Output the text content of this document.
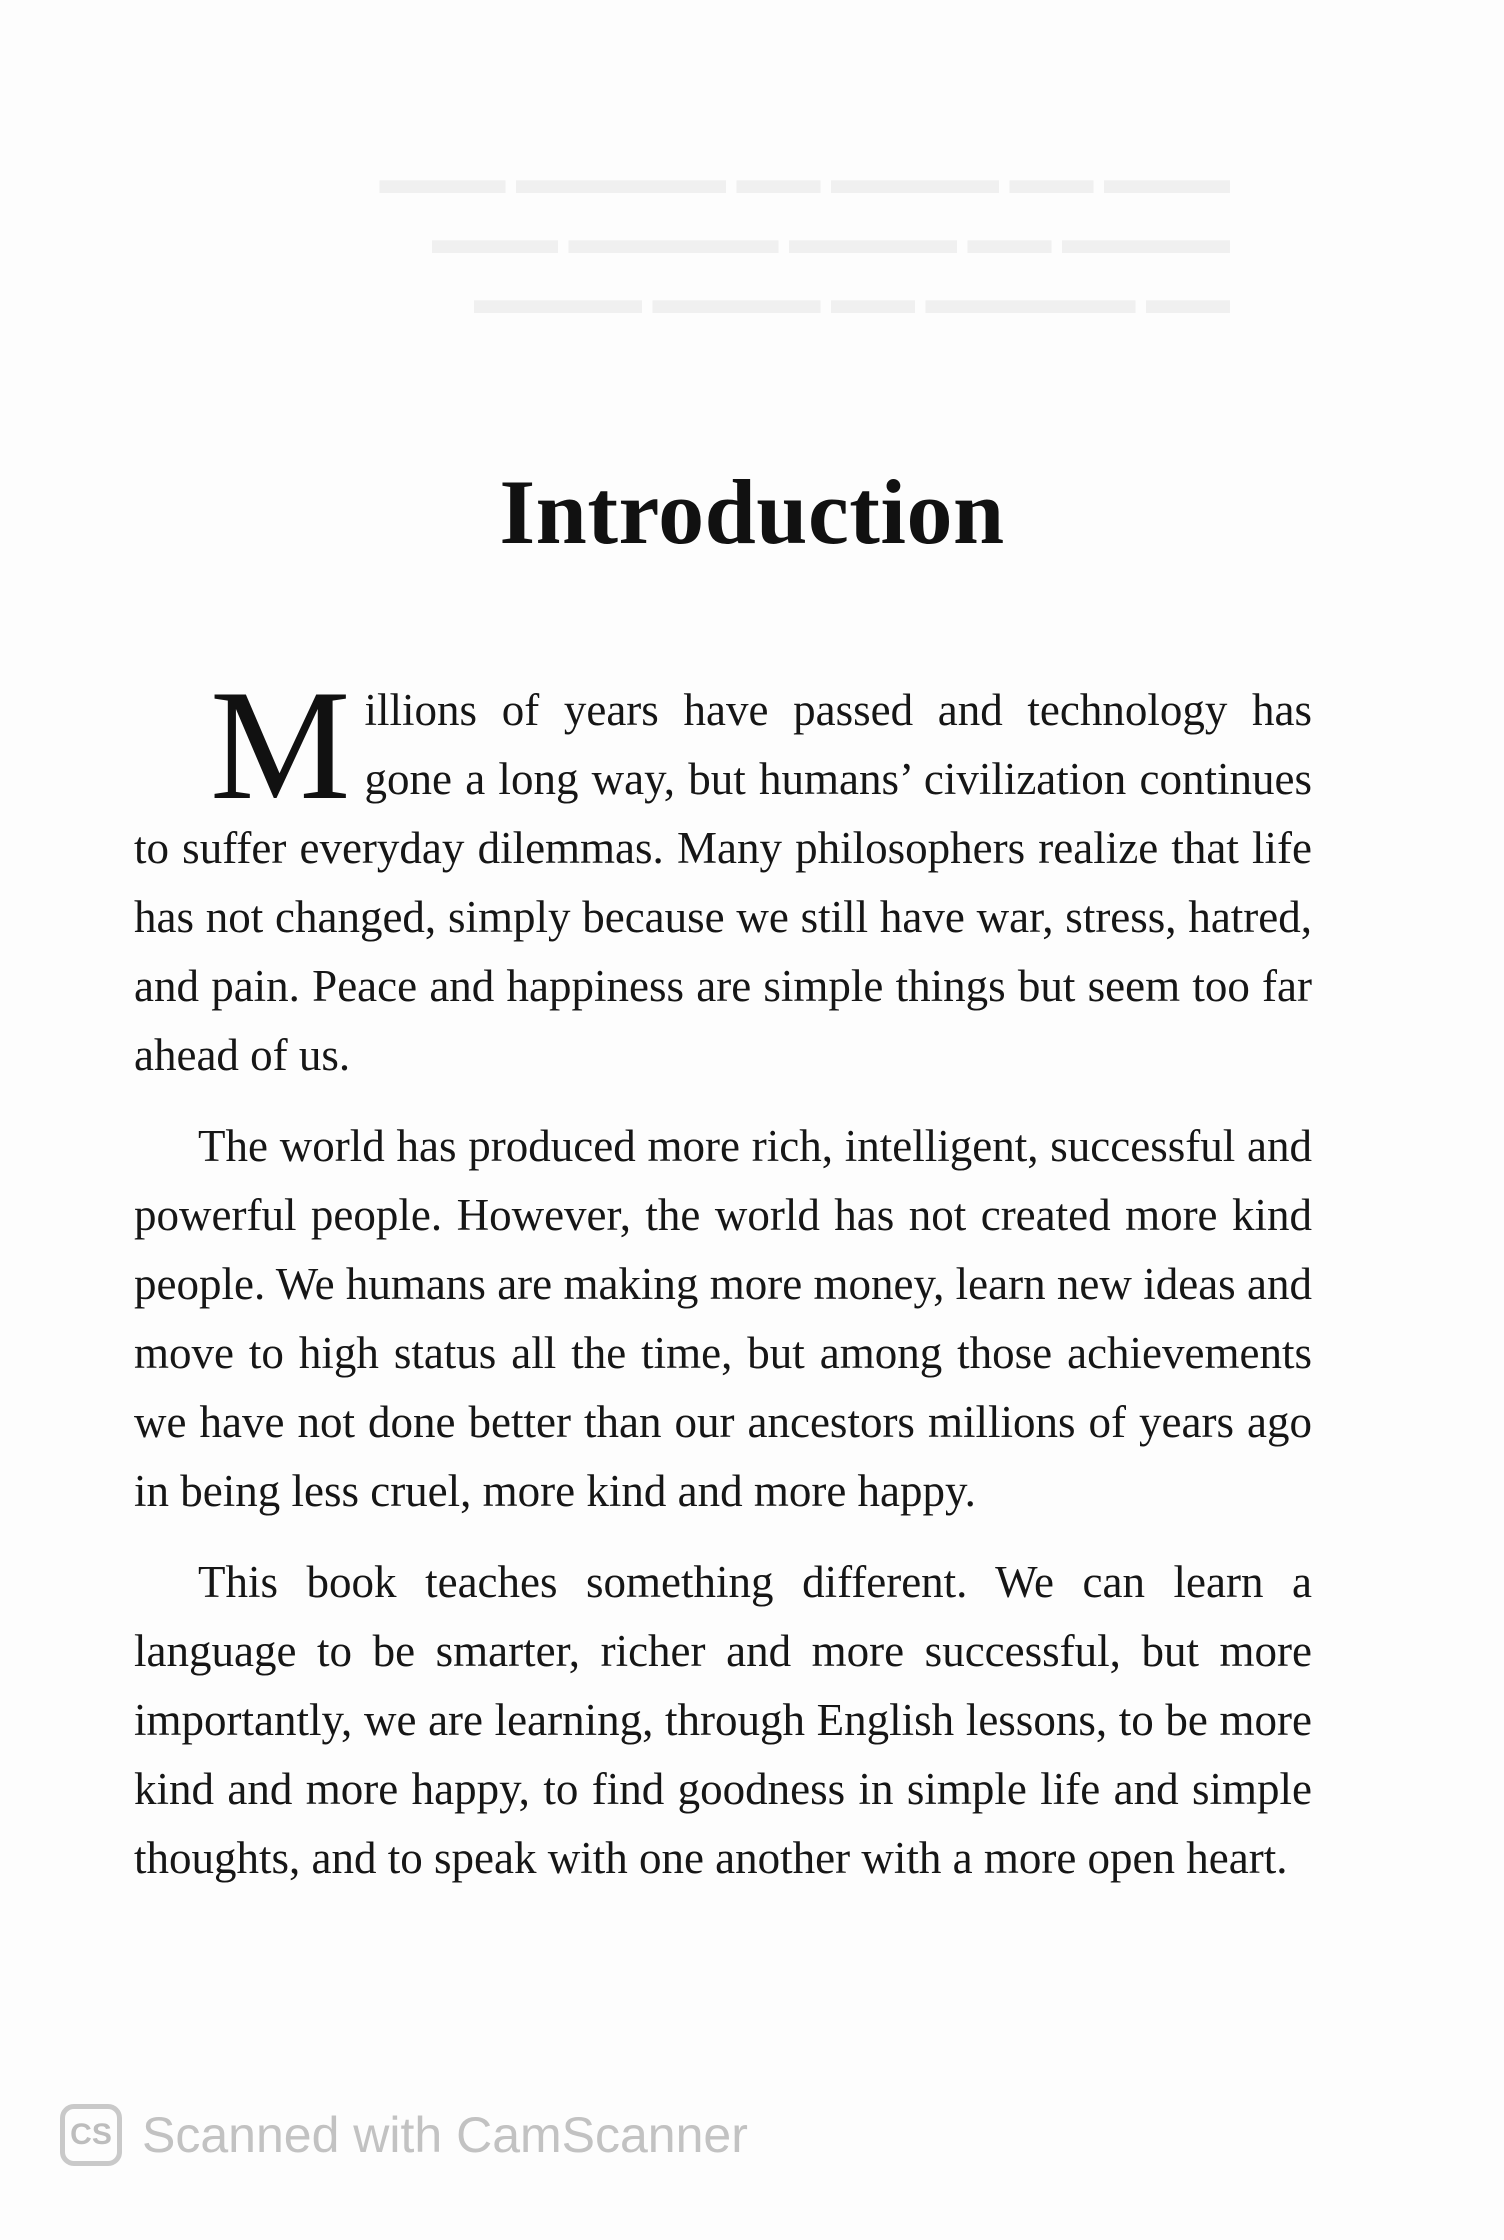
▬▬▬ ▬▬ ▬▬▬▬ ▬▬ ▬▬▬▬▬ ▬▬▬
▬▬▬▬ ▬▬ ▬▬▬▬ ▬▬▬▬▬ ▬▬▬
▬▬ ▬▬▬▬▬ ▬▬ ▬▬▬▬ ▬▬▬▬
Introduction

Millions of years have passed and technology has gone a long way, but humans’ civilization continues to suffer everyday dilemmas. Many philosophers realize that life has not changed, simply because we still have war, stress, hatred, and pain. Peace and happiness are simple things but seem too far ahead of us.

The world has produced more rich, intelligent, successful and powerful people. However, the world has not created more kind people. We humans are making more money, learn new ideas and move to high status all the time, but among those achievements we have not done better than our ancestors millions of years ago in being less cruel, more kind and more happy.

This book teaches something different. We can learn a language to be smarter, richer and more successful, but more importantly, we are learning, through English lessons, to be more kind and more happy, to find goodness in simple life and simple thoughts, and to speak with one another with a more open heart.

CS Scanned with CamScanner
